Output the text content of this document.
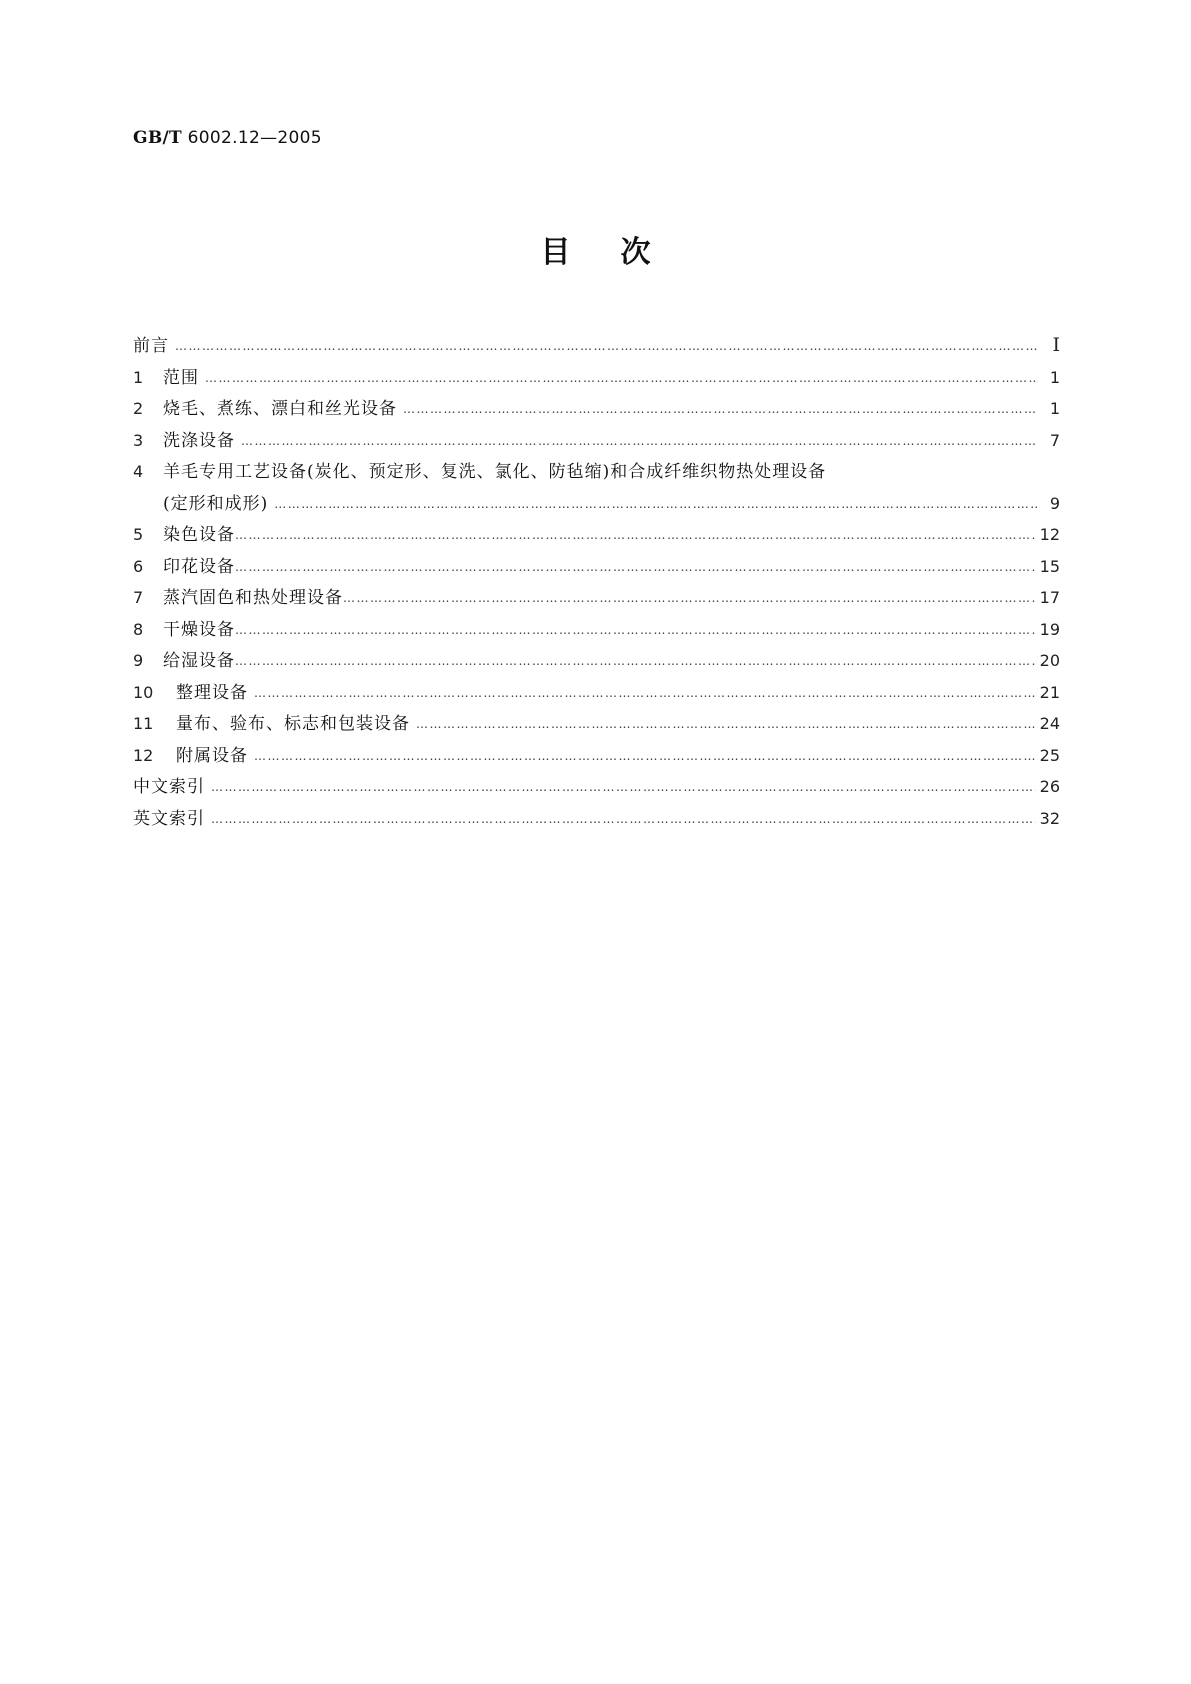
GB/T 6002.12—2005
目次
前言 ……………………………………………………………………………………………………………………………………………………………………………………………………………………………………	Ⅰ
1	范围 ……………………………………………………………………………………………………………………………………………………………………………………………………………………………………	1
2	烧毛、煮练、漂白和丝光设备 ……………………………………………………………………………………………………………………………………………………………………………………………………………………………………	1
3	洗涤设备 ……………………………………………………………………………………………………………………………………………………………………………………………………………………………………	7
4	羊毛专用工艺设备(炭化、预定形、复洗、氯化、防毡缩)和合成纤维织物热处理设备
(定形和成形) ……………………………………………………………………………………………………………………………………………………………………………………………………………………………………	9
5	染色设备 ……………………………………………………………………………………………………………………………………………………………………………………………………………………………………	12
6	印花设备 ……………………………………………………………………………………………………………………………………………………………………………………………………………………………………	15
7	蒸汽固色和热处理设备 ……………………………………………………………………………………………………………………………………………………………………………………………………………………………………	17
8	干燥设备 ……………………………………………………………………………………………………………………………………………………………………………………………………………………………………	19
9	给湿设备 ……………………………………………………………………………………………………………………………………………………………………………………………………………………………………	20
10	整理设备 ……………………………………………………………………………………………………………………………………………………………………………………………………………………………………	21
11	量布、验布、标志和包装设备 ……………………………………………………………………………………………………………………………………………………………………………………………………………………………………	24
12	附属设备 ……………………………………………………………………………………………………………………………………………………………………………………………………………………………………	25
中文索引 ……………………………………………………………………………………………………………………………………………………………………………………………………………………………………	26
英文索引 ……………………………………………………………………………………………………………………………………………………………………………………………………………………………………	32
